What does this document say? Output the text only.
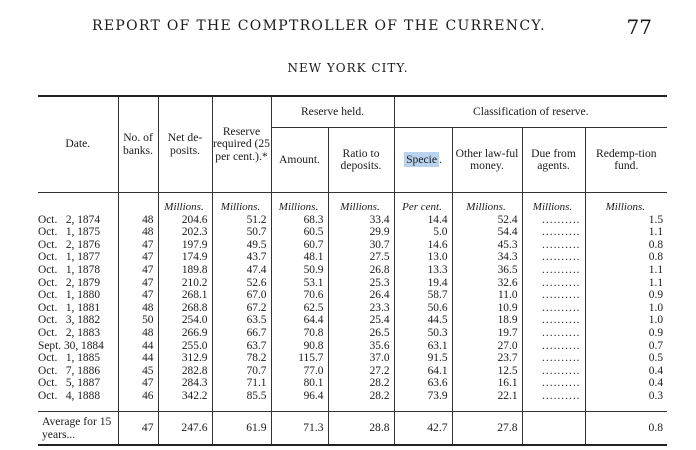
REPORT OF THE COMPTROLLER OF THE CURRENCY.	77
NEW YORK CITY.
Date.	No. of banks.	Net de-posits.	Reserve required (25 per cent.).*	Reserve held.		Classification of reserve.			
				Amount.	Ratio to deposits.	Specie .	Other law-ful money.	Due from agents.	Redemp-tion fund.
		Millions.	Millions.	Millions.	Millions.	Per cent.	Millions.	Millions.	Millions.
Oct.   2, 1874	48	204.6	51.2	68.3	33.4	14.4	52.4	..........	1.5
Oct.   1, 1875	48	202.3	50.7	60.5	29.9	5.0	54.4	..........	1.1
Oct.   2, 1876	47	197.9	49.5	60.7	30.7	14.6	45.3	..........	0.8
Oct.   1, 1877	47	174.9	43.7	48.1	27.5	13.0	34.3	..........	0.8
Oct.   1, 1878	47	189.8	47.4	50.9	26.8	13.3	36.5	..........	1.1
Oct.   2, 1879	47	210.2	52.6	53.1	25.3	19.4	32.6	..........	1.1
Oct.   1, 1880	47	268.1	67.0	70.6	26.4	58.7	11.0	..........	0.9
Oct.   1, 1881	48	268.8	67.2	62.5	23.3	50.6	10.9	..........	1.0
Oct.   3, 1882	50	254.0	63.5	64.4	25.4	44.5	18.9	..........	1.0
Oct.   2, 1883	48	266.9	66.7	70.8	26.5	50.3	19.7	..........	0.9
Sept. 30, 1884	44	255.0	63.7	90.8	35.6	63.1	27.0	..........	0.7
Oct.   1, 1885	44	312.9	78.2	115.7	37.0	91.5	23.7	..........	0.5
Oct.   7, 1886	45	282.8	70.7	77.0	27.2	64.1	12.5	..........	0.4
Oct.   5, 1887	47	284.3	71.1	80.1	28.2	63.6	16.1	..........	0.4
Oct.   4, 1888	46	342.2	85.5	96.4	28.2	73.9	22.1	..........	0.3
Average for 15 years...	47	247.6	61.9	71.3	28.8	42.7	27.8		0.8
